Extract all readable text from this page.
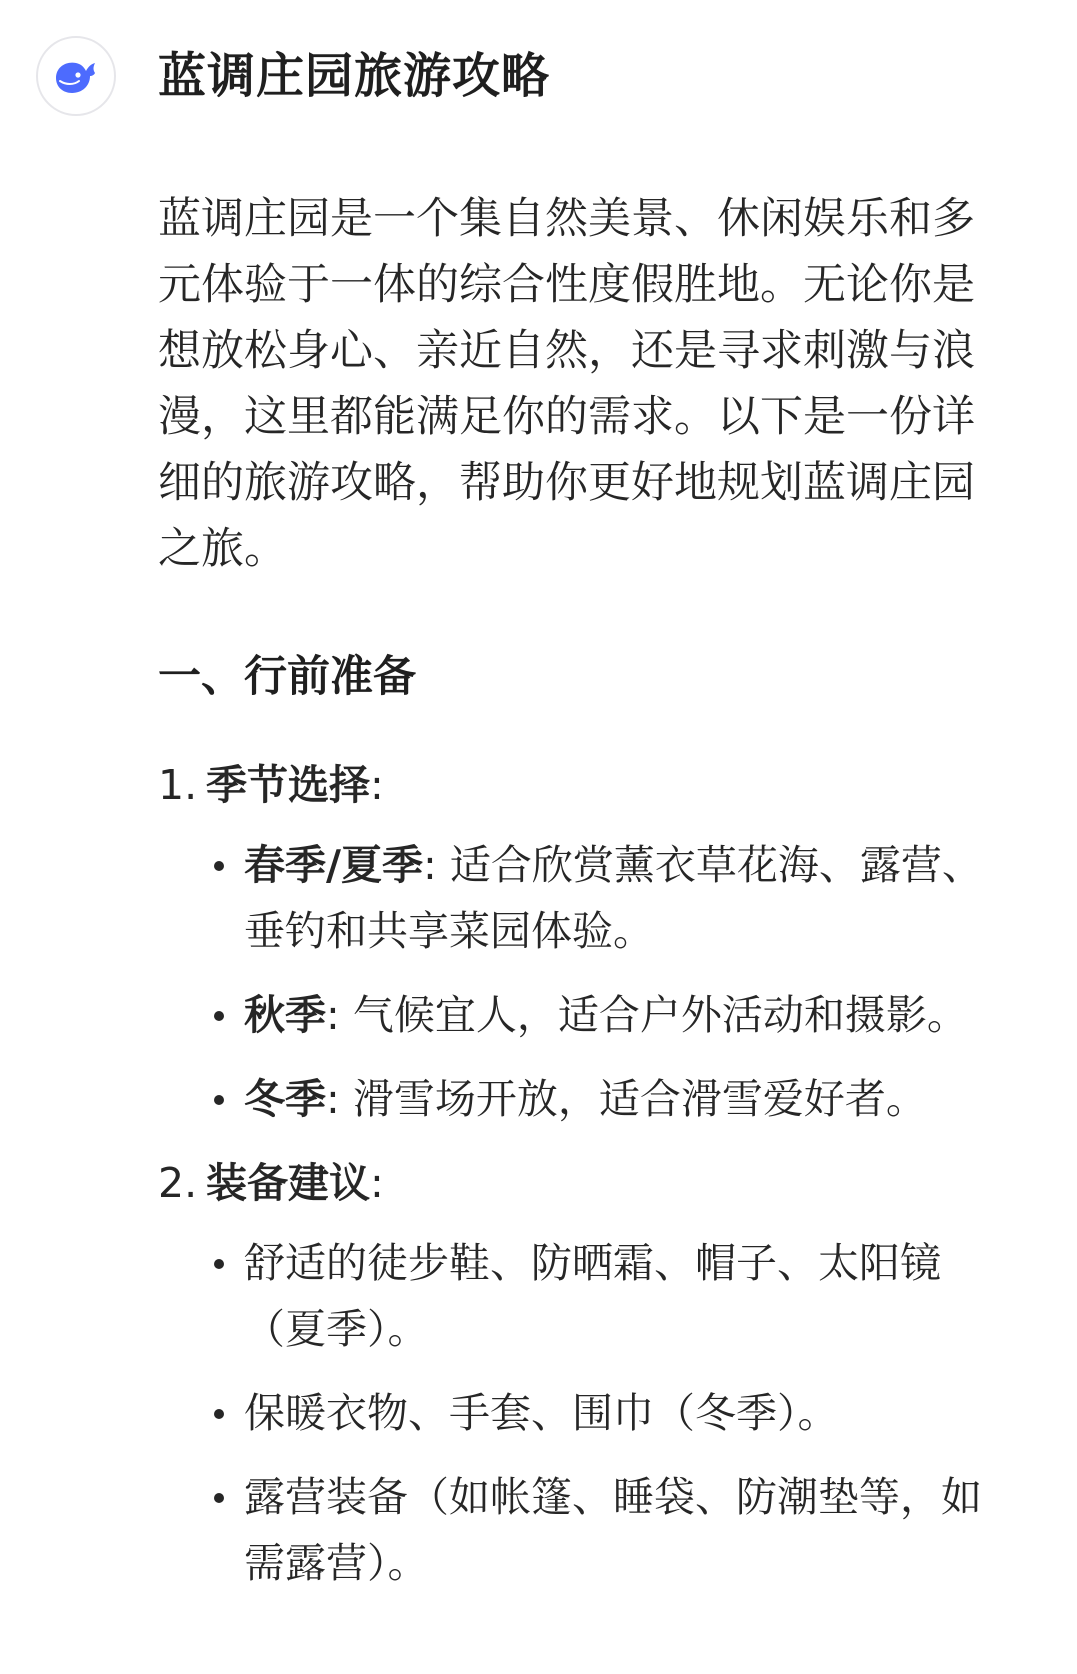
蓝调庄园旅游攻略

蓝调庄园是一个集自然美景、休闲娱乐和多元体验于一体的综合性度假胜地。无论你是想放松身心、亲近自然，还是寻求刺激与浪漫，这里都能满足你的需求。以下是一份详细的旅游攻略，帮助你更好地规划蓝调庄园之旅。

一、行前准备
1. 季节选择:
春季/夏季: 适合欣赏薰衣草花海、露营、垂钓和共享菜园体验。
秋季: 气候宜人，适合户外活动和摄影。
冬季: 滑雪场开放，适合滑雪爱好者。
2. 装备建议:
舒适的徒步鞋、防晒霜、帽子、太阳镜（夏季）。
保暖衣物、手套、围巾（冬季）。
露营装备（如帐篷、睡袋、防潮垫等，如需露营）。
